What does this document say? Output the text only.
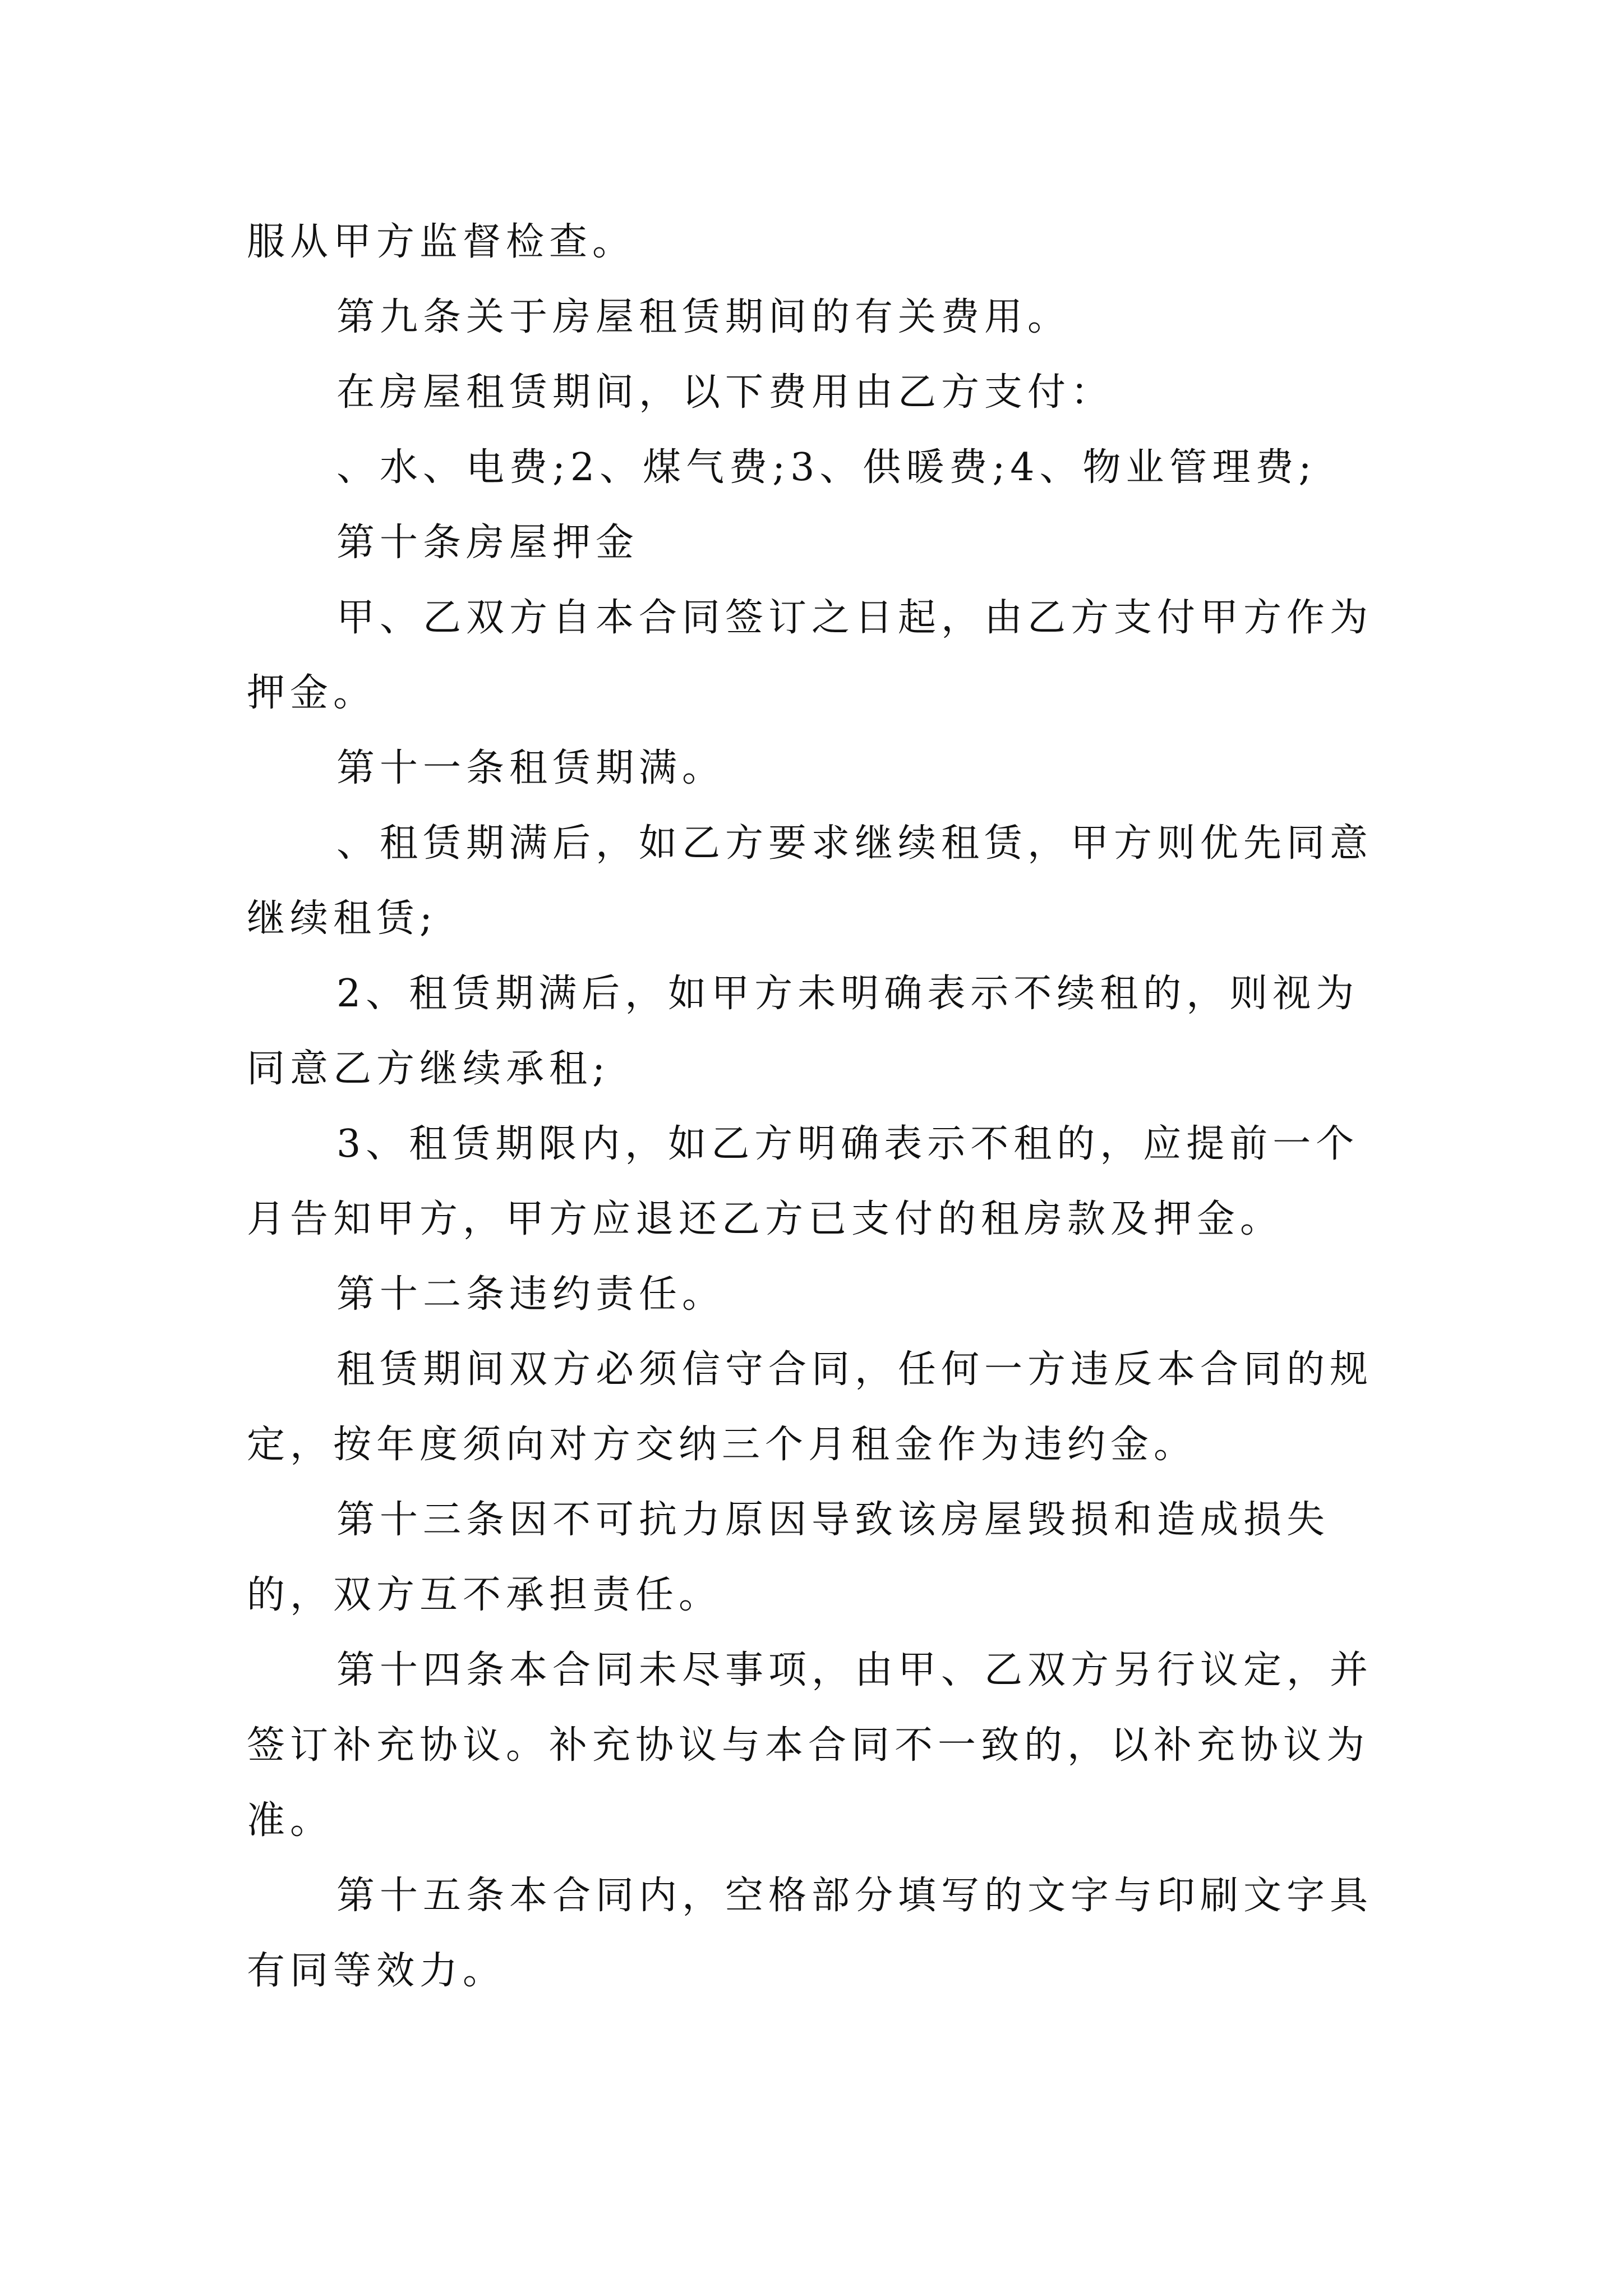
服从甲方监督检查。

第九条关于房屋租赁期间的有关费用。

在房屋租赁期间，以下费用由乙方支付：

、水、电费;2、煤气费;3、供暖费;4、物业管理费;

第十条房屋押金

甲、乙双方自本合同签订之日起，由乙方支付甲方作为

押金。

第十一条租赁期满。

、租赁期满后，如乙方要求继续租赁，甲方则优先同意

继续租赁;

2、租赁期满后，如甲方未明确表示不续租的，则视为

同意乙方继续承租;

3、租赁期限内，如乙方明确表示不租的，应提前一个

月告知甲方，甲方应退还乙方已支付的租房款及押金。

第十二条违约责任。

租赁期间双方必须信守合同，任何一方违反本合同的规

定，按年度须向对方交纳三个月租金作为违约金。

第十三条因不可抗力原因导致该房屋毁损和造成损失

的，双方互不承担责任。

第十四条本合同未尽事项，由甲、乙双方另行议定，并

签订补充协议。补充协议与本合同不一致的，以补充协议为

准。

第十五条本合同内，空格部分填写的文字与印刷文字具

有同等效力。
